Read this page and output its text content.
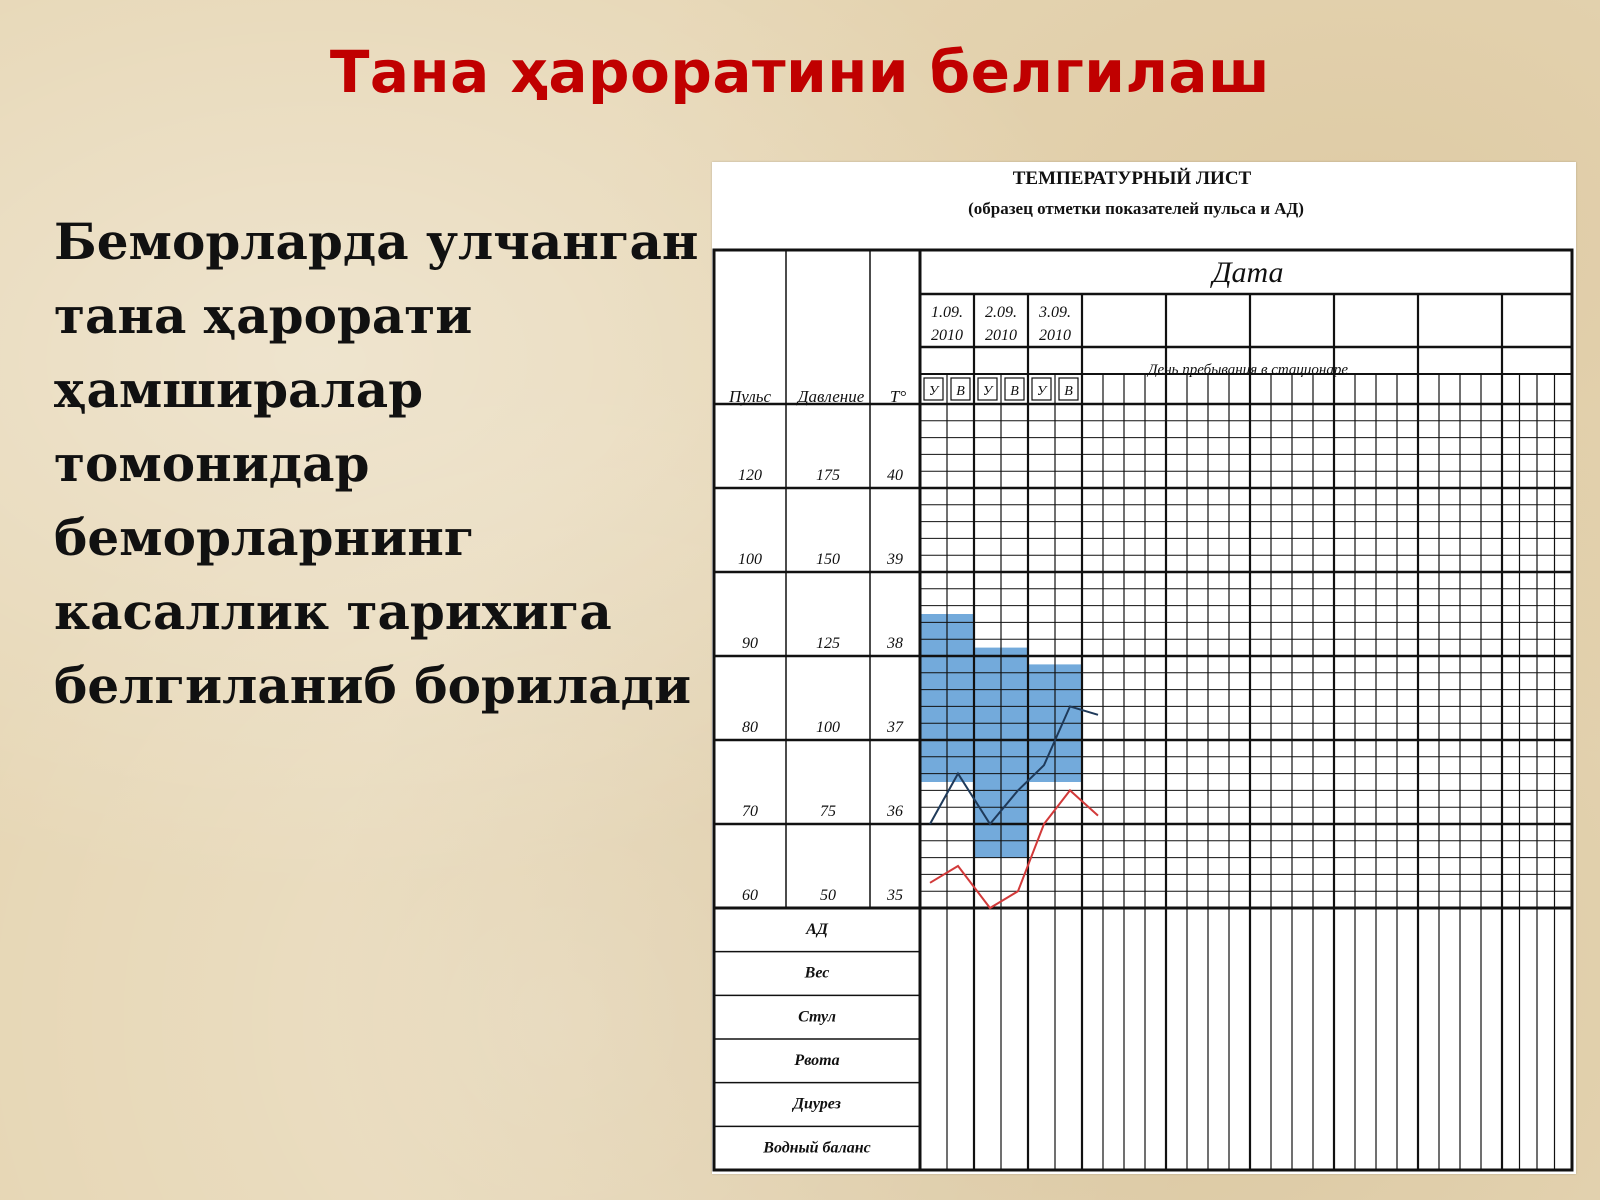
Тана ҳароратини белгилаш
Беморларда улчанган
тана ҳарорати
ҳамширалар
томонидар
беморларнинг
касаллик тарихига
белгиланиб борилади
ТЕМПЕРАТУРНЫЙ ЛИСТ
(образец отметки показателей пульса и АД)
Дата
День пребывания в стационаре
Пульс Давление T°
1.09.
2010
2.09.
2010
3.09.
2010
У В У В У В
120	175	40
100	150	39
90	125	38
80	100	37
70	75	36
60	50	35
АД
Вес
Стул
Рвота
Диурез
Водный баланс
